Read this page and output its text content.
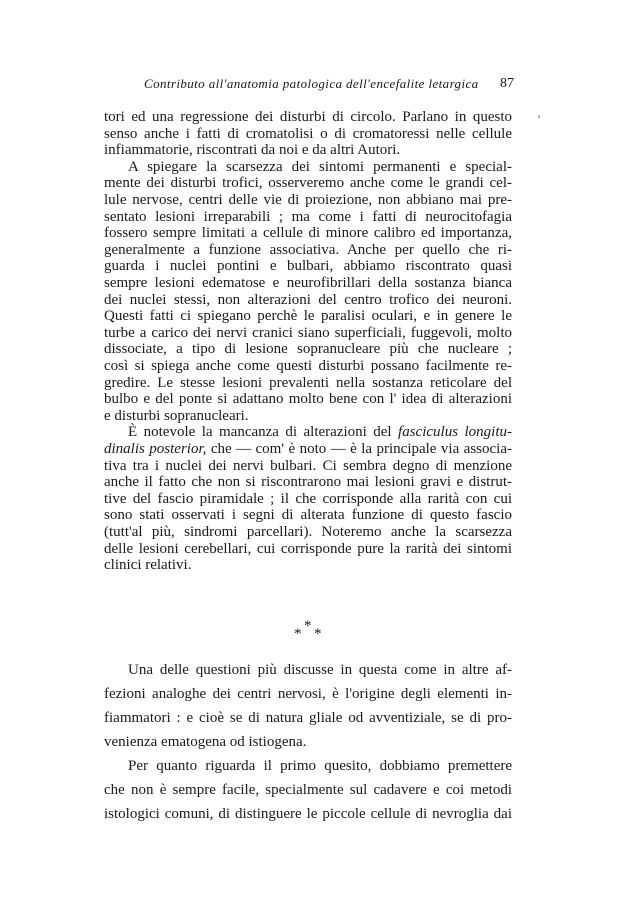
Contributo all'anatomia patologica dell'encefalite letargica 87
'
tori ed una regressione dei disturbi di circolo. Parlano in questo
senso anche i fatti di cromatolisi o di cromatoressi nelle cellule
infiammatorie, riscontrati da noi e da altri Autori.
A spiegare la scarsezza dei sintomi permanenti e special-
mente dei disturbi trofici, osserveremo anche come le grandi cel-
lule nervose, centri delle vie di proiezione, non abbiano mai pre-
sentato lesioni irreparabili ; ma come i fatti di neurocitofagia
fossero sempre limitati a cellule di minore calibro ed importanza,
generalmente a funzione associativa. Anche per quello che ri-
guarda i nuclei pontini e bulbari, abbiamo riscontrato quasi
sempre lesioni edematose e neurofibrillari della sostanza bianca
dei nuclei stessi, non alterazioni del centro trofico dei neuroni.
Questi fatti ci spiegano perchè le paralisi oculari, e in genere le
turbe a carico dei nervi cranici siano superficiali, fuggevoli, molto
dissociate, a tipo di lesione sopranucleare più che nucleare ;
così si spiega anche come questi disturbi possano facilmente re-
gredire. Le stesse lesioni prevalenti nella sostanza reticolare del
bulbo e del ponte si adattano molto bene con l' idea di alterazioni
e disturbi sopranucleari.
È notevole la mancanza di alterazioni del fasciculus longitu-
dinalis posterior, che — com' è noto — è la principale via associa-
tiva tra i nuclei dei nervi bulbari. Ci sembra degno di menzione
anche il fatto che non si riscontrarono mai lesioni gravi e distrut-
tive del fascio piramidale ; il che corrisponde alla rarità con cui
sono stati osservati i segni di alterata funzione di questo fascio
(tutt'al più, sindromi parcellari). Noteremo anche la scarsezza
delle lesioni cerebellari, cui corrisponde pure la rarità dei sintomi
clinici relativi.
*
* *
Una delle questioni più discusse in questa come in altre af-
fezioni analoghe dei centri nervosi, è l'origine degli elementi in-
fiammatori : e cioè se di natura gliale od avventiziale, se di pro-
venienza ematogena od istiogena.
Per quanto riguarda il primo quesito, dobbiamo premettere
che non è sempre facile, specialmente sul cadavere e coi metodi
istologici comuni, di distinguere le piccole cellule di nevroglia dai
